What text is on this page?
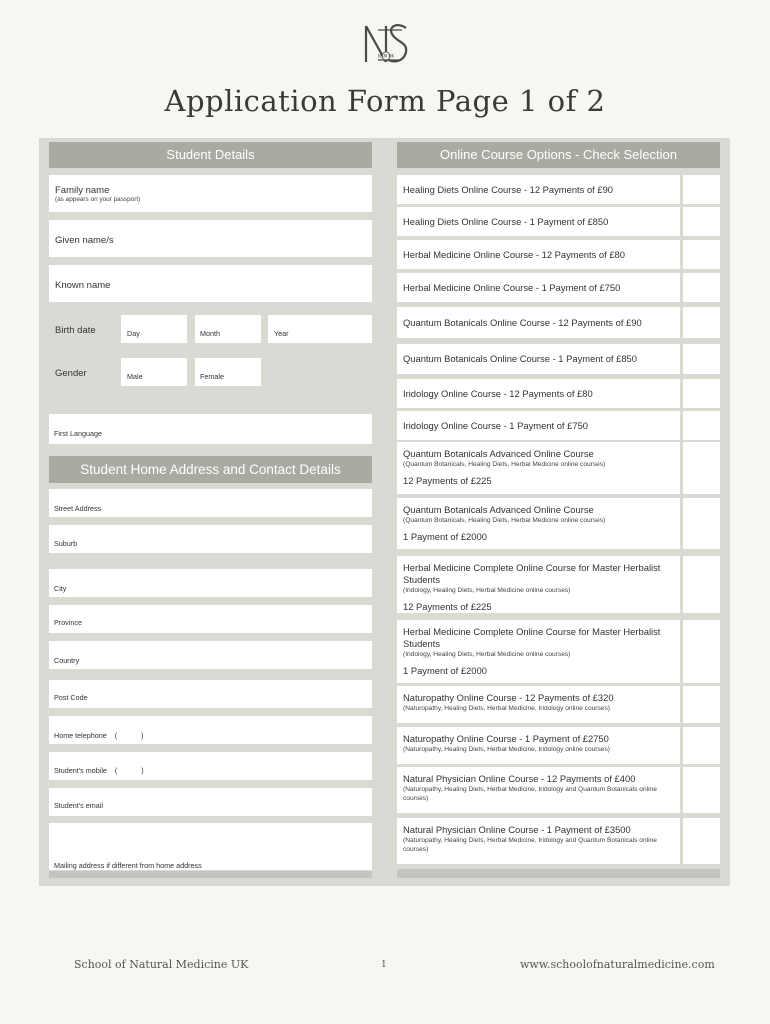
NSM UK
Application Form Page 1 of 2
Student Details
Family name
(as appears on your passport)
Given name/s
Known name
Birth date	Day	Month	Year
Gender	Male	Female
First Language
Student Home Address and Contact Details
Street Address
Suburb
City
Province
Country
Post Code
Home telephone    (            )
Student's mobile    (            )
Student's email
Mailing address if different from home address
Online Course Options - Check Selection
Healing Diets Online Course - 12 Payments of £90
Healing Diets Online Course - 1 Payment of £850
Herbal Medicine Online Course - 12 Payments of £80
Herbal Medicine Online Course - 1 Payment of £750
Quantum Botanicals Online Course - 12 Payments of £90
Quantum Botanicals Online Course - 1 Payment of £850
Iridology Online Course - 12 Payments of £80
Iridology Online Course - 1 Payment of £750
Quantum Botanicals Advanced Online Course
(Quantum Botanicals, Healing Diets, Herbal Medicine online courses)
12 Payments of £225
Quantum Botanicals Advanced Online Course
(Quantum Botanicals, Healing Diets, Herbal Medicine online courses)
1 Payment of £2000
Herbal Medicine Complete Online Course for Master Herbalist Students
(Iridology, Healing Diets, Herbal Medicine online courses)
12 Payments of £225
Herbal Medicine Complete Online Course for Master Herbalist Students
(Iridology, Healing Diets, Herbal Medicine online courses)
1 Payment of £2000
Naturopathy Online Course - 12 Payments of £320
(Naturopathy, Healing Diets, Herbal Medicine, Iridology online courses)
Naturopathy Online Course - 1 Payment of £2750
(Naturopathy, Healing Diets, Herbal Medicine, Iridology online courses)
Natural Physician Online Course - 12 Payments of £400
(Naturopathy, Healing Diets, Herbal Medicine, Iridology and Quantum Botanicals online courses)
Natural Physician Online Course - 1 Payment of £3500
(Naturopathy, Healing Diets, Herbal Medicine, Iridology and Quantum Botanicals online courses)
School of Natural Medicine UK	1	www.schoolofnaturalmedicine.com
